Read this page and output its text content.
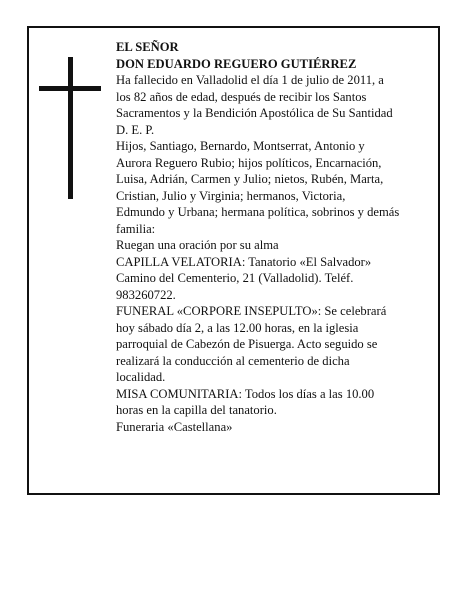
EL SEÑOR
DON EDUARDO REGUERO GUTIÉRREZ
Ha fallecido en Valladolid el día 1 de julio de 2011, a
los 82 años de edad, después de recibir los Santos
Sacramentos y la Bendición Apostólica de Su Santidad
D. E. P.
Hijos, Santiago, Bernardo, Montserrat, Antonio y
Aurora Reguero Rubio; hijos políticos, Encarnación,
Luisa, Adrián, Carmen y Julio; nietos, Rubén, Marta,
Cristian, Julio y Virginia; hermanos, Victoria,
Edmundo y Urbana; hermana política, sobrinos y demás
familia:
Ruegan una oración por su alma
CAPILLA VELATORIA: Tanatorio «El Salvador»
Camino del Cementerio, 21 (Valladolid). Teléf.
983260722.
FUNERAL «CORPORE INSEPULTO»: Se celebrará
hoy sábado día 2, a las 12.00 horas, en la iglesia
parroquial de Cabezón de Pisuerga. Acto seguido se
realizará la conducción al cementerio de dicha
localidad.
MISA COMUNITARIA: Todos los días a las 10.00
horas en la capilla del tanatorio.
Funeraria «Castellana»
